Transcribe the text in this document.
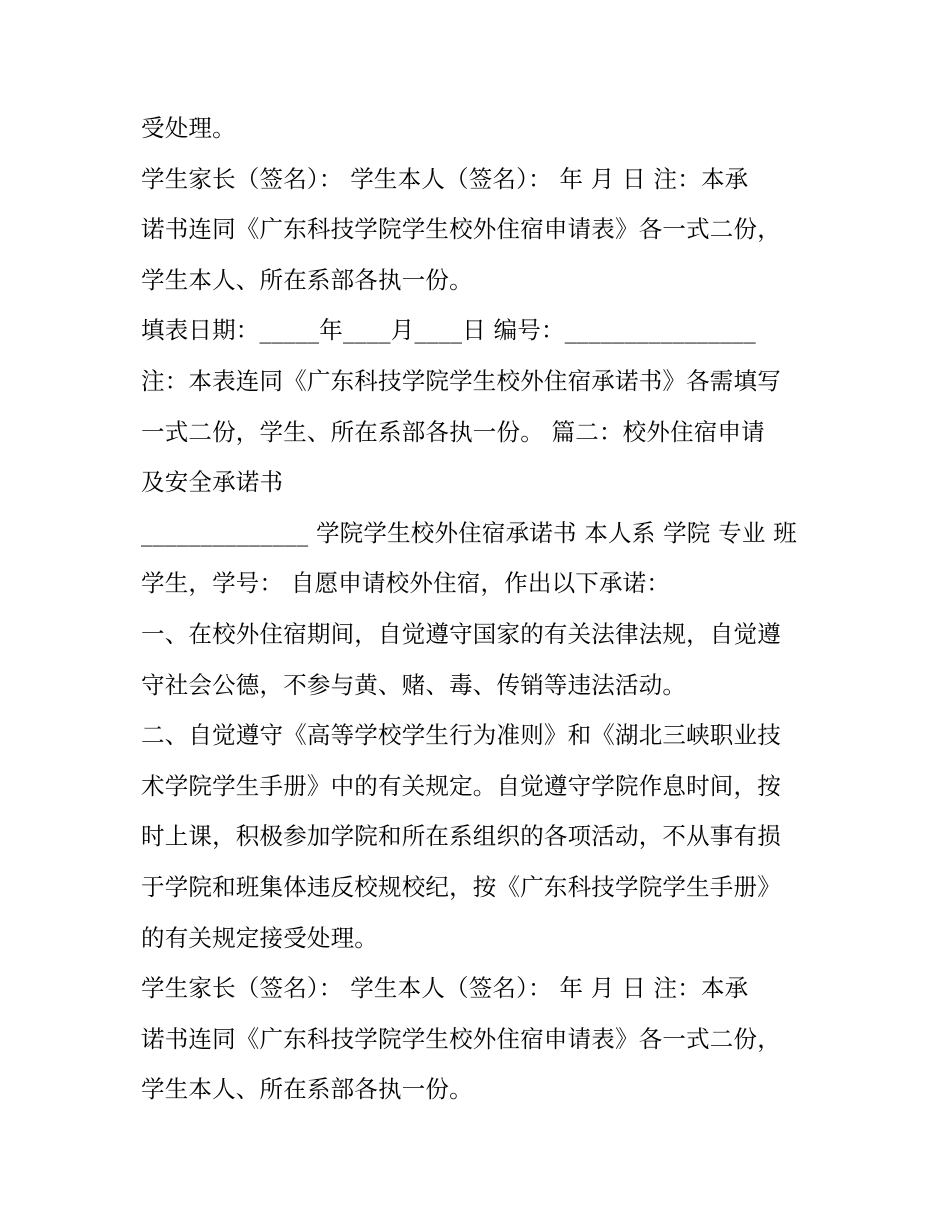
受处理。
学生家长（签名）： 学生本人（签名）： 年 月 日 注：本承
诺书连同《广东科技学院学生校外住宿申请表》各一式二份，
学生本人、所在系部各执一份。
填表日期：_____年____月____日 编号：________________
注：本表连同《广东科技学院学生校外住宿承诺书》各需填写
一式二份，学生、所在系部各执一份。 篇二：校外住宿申请
及安全承诺书
______________ 学院学生校外住宿承诺书 本人系 学院 专业 班
学生，学号： 自愿申请校外住宿，作出以下承诺：
一、在校外住宿期间，自觉遵守国家的有关法律法规，自觉遵
守社会公德，不参与黄、赌、毒、传销等违法活动。
二、自觉遵守《高等学校学生行为准则》和《湖北三峡职业技
术学院学生手册》中的有关规定。自觉遵守学院作息时间，按
时上课，积极参加学院和所在系组织的各项活动，不从事有损
于学院和班集体违反校规校纪，按《广东科技学院学生手册》
的有关规定接受处理。
学生家长（签名）： 学生本人（签名）： 年 月 日 注：本承
诺书连同《广东科技学院学生校外住宿申请表》各一式二份，
学生本人、所在系部各执一份。
